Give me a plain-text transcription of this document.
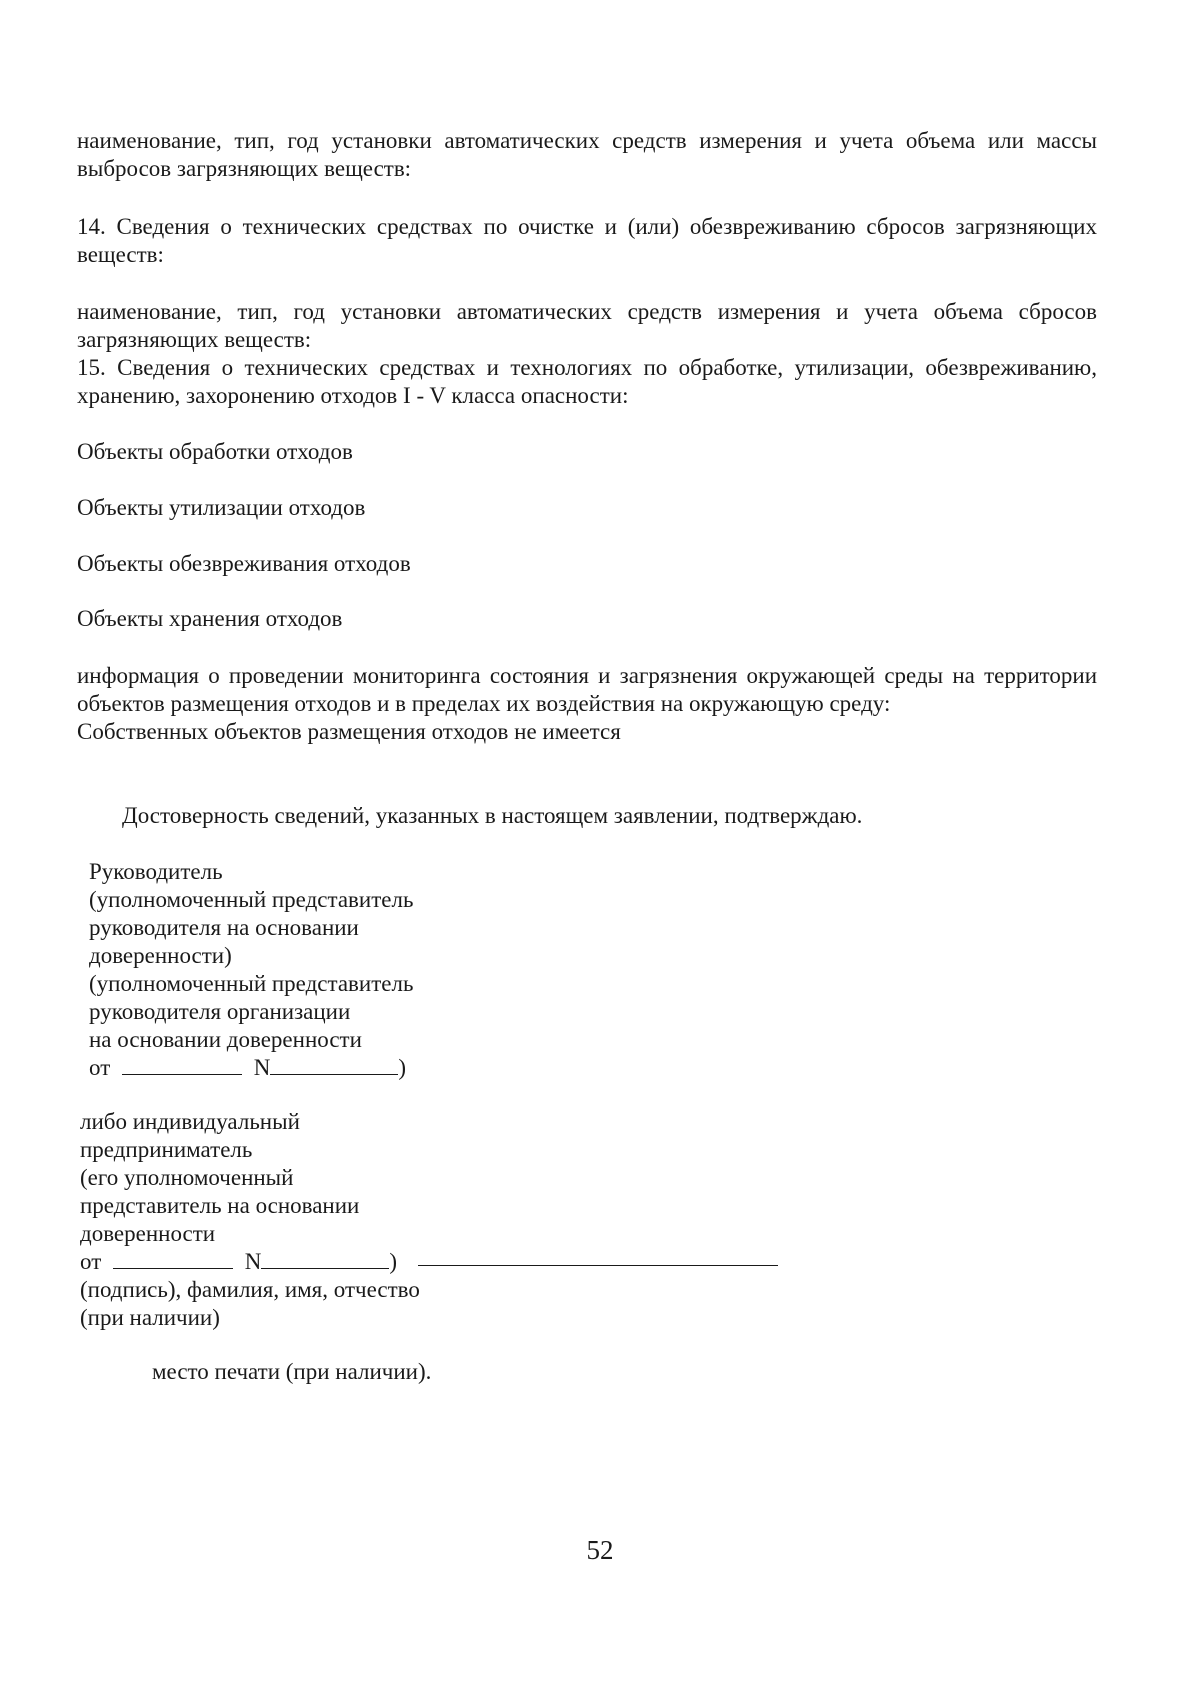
наименование, тип, год установки автоматических средств измерения и учета объема или массы выбросов загрязняющих веществ:

14. Сведения о технических средствах по очистке и (или) обезвреживанию сбросов загрязняющих веществ:

наименование, тип, год установки автоматических средств измерения и учета объема сбросов загрязняющих веществ:

15. Сведения о технических средствах и технологиях по обработке, утилизации, обезвреживанию, хранению, захоронению отходов I - V класса опасности:

Объекты обработки отходов

Объекты утилизации отходов

Объекты обезвреживания отходов

Объекты хранения отходов

информация о проведении мониторинга состояния и загрязнения окружающей среды на территории объектов размещения отходов и в пределах их воздействия на окружающую среду:

Собственных объектов размещения отходов не имеется

Достоверность сведений, указанных в настоящем заявлении, подтверждаю.

Руководитель
(уполномоченный представитель
руководителя на основании
доверенности)
(уполномоченный представитель
руководителя организации
на основании доверенности
от	N	)
либо индивидуальный
предприниматель
(его уполномоченный
представитель на основании
доверенности
от	N	)
(подпись), фамилия, имя, отчество
(при наличии)

место печати (при наличии).

52
